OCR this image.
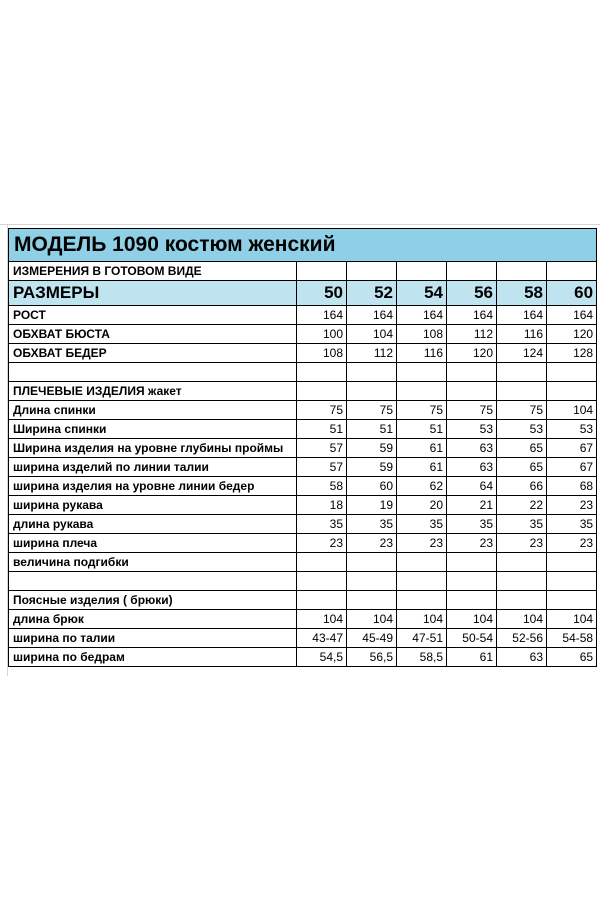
МОДЕЛЬ 1090 костюм женский						
ИЗМЕРЕНИЯ В ГОТОВОМ ВИДЕ						
РАЗМЕРЫ	50	52	54	56	58	60
РОСТ	164	164	164	164	164	164
ОБХВАТ БЮСТА	100	104	108	112	116	120
ОБХВАТ БЕДЕР	108	112	116	120	124	128

ПЛЕЧЕВЫЕ ИЗДЕЛИЯ жакет						
Длина спинки	75	75	75	75	75	104
Ширина спинки	51	51	51	53	53	53
Ширина изделия на уровне глубины проймы	57	59	61	63	65	67
ширина изделий по линии талии	57	59	61	63	65	67
ширина изделия на уровне линии бедер	58	60	62	64	66	68
ширина рукава	18	19	20	21	22	23
длина рукава	35	35	35	35	35	35
ширина плеча	23	23	23	23	23	23
величина подгибки						

Поясные изделия ( брюки)						
длина брюк	104	104	104	104	104	104
ширина по талии	43-47	45-49	47-51	50-54	52-56	54-58
ширина по бедрам	54,5	56,5	58,5	61	63	65
